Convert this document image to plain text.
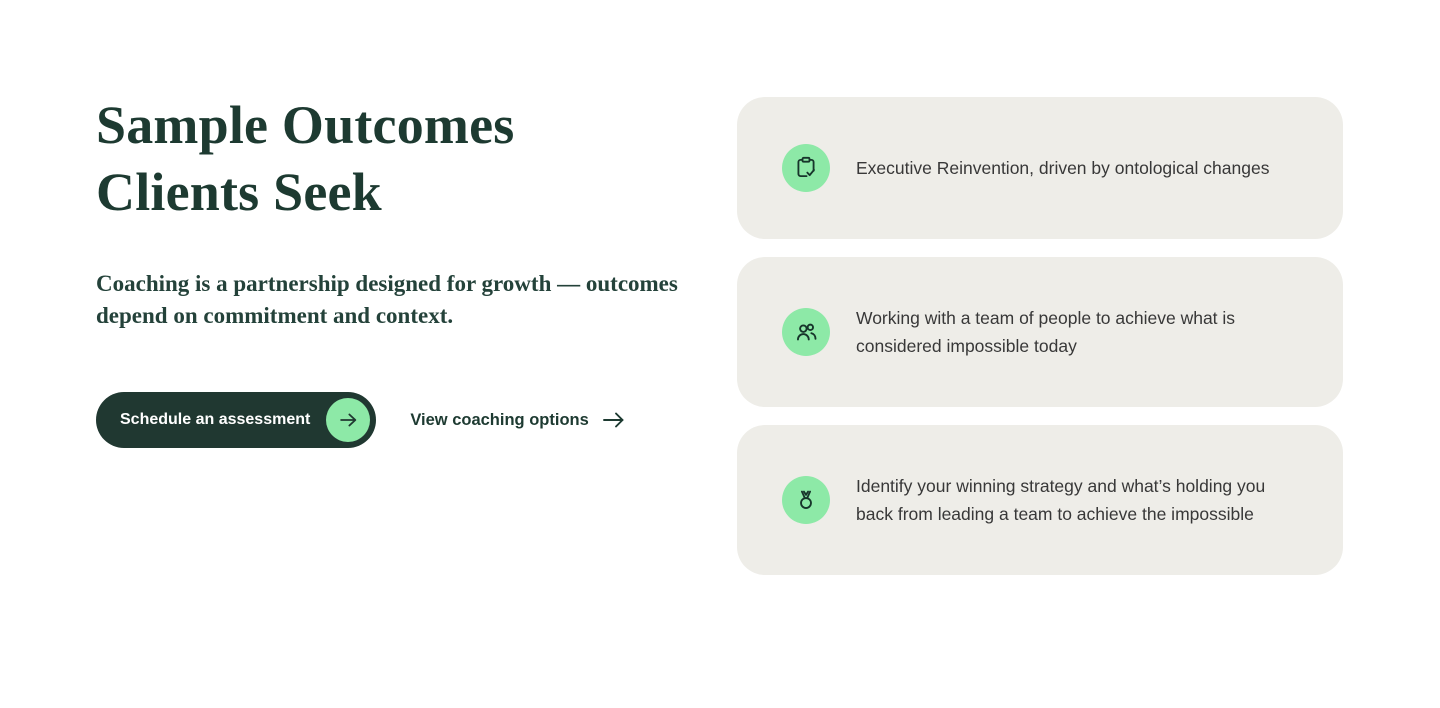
Sample Outcomes Clients Seek

Coaching is a partnership designed for growth — outcomes depend on commitment and context.

Schedule an assessment	View coaching options

Executive Reinvention, driven by ontological changes

Working with a team of people to achieve what is considered impossible today

Identify your winning strategy and what’s holding you back from leading a team to achieve the impossible
